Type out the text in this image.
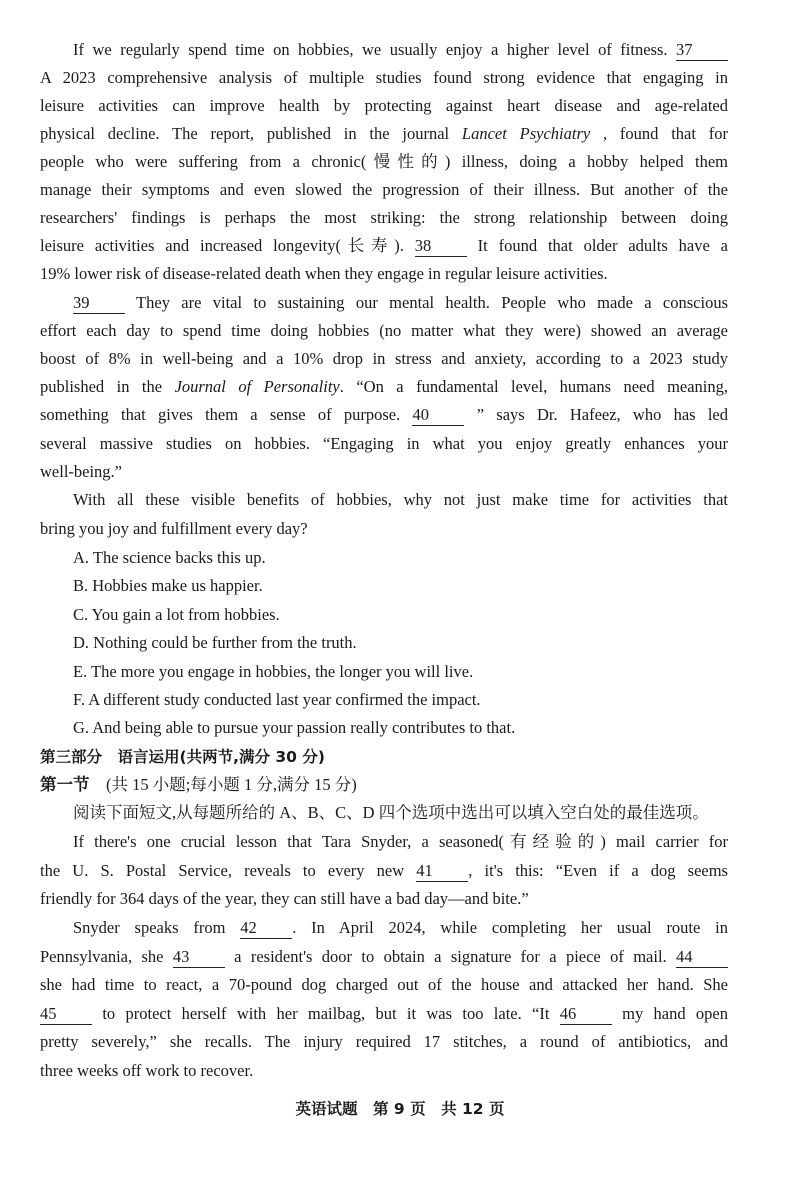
If we regularly spend time on hobbies, we usually enjoy a higher level of fitness. 37
A 2023 comprehensive analysis of multiple studies found strong evidence that engaging in
leisure activities can improve health by protecting against heart disease and age-related
physical decline. The report, published in the journal Lancet Psychiatry , found that for
people who were suffering from a chronic(慢性的) illness, doing a hobby helped them
manage their symptoms and even slowed the progression of their illness. But another of the
researchers' findings is perhaps the most striking: the strong relationship between doing
leisure activities and increased longevity(长寿). 38 It found that older adults have a
19% lower risk of disease-related death when they engage in regular leisure activities.
39 They are vital to sustaining our mental health. People who made a conscious
effort each day to spend time doing hobbies (no matter what they were) showed an average
boost of 8% in well-being and a 10% drop in stress and anxiety, according to a 2023 study
published in the Journal of Personality. “On a fundamental level, humans need meaning,
something that gives them a sense of purpose. 40 ” says Dr. Hafeez, who has led
several massive studies on hobbies. “Engaging in what you enjoy greatly enhances your
well-being.”
With all these visible benefits of hobbies, why not just make time for activities that
bring you joy and fulfillment every day?
A. The science backs this up.
B. Hobbies make us happier.
C. You gain a lot from hobbies.
D. Nothing could be further from the truth.
E. The more you engage in hobbies, the longer you will live.
F. A different study conducted last year confirmed the impact.
G. And being able to pursue your passion really contributes to that.
第三部分　语言运用(共两节,满分 30 分)
第一节　(共 15 小题;每小题 1 分,满分 15 分)
阅读下面短文,从每题所给的 A、B、C、D 四个选项中选出可以填入空白处的最佳选项。
If there's one crucial lesson that Tara Snyder, a seasoned(有经验的) mail carrier for
the U. S. Postal Service, reveals to every new 41 , it's this: “Even if a dog seems
friendly for 364 days of the year, they can still have a bad day—and bite.”
Snyder speaks from 42 . In April 2024, while completing her usual route in
Pennsylvania, she 43 a resident's door to obtain a signature for a piece of mail. 44
she had time to react, a 70-pound dog charged out of the house and attacked her hand. She
45 to protect herself with her mailbag, but it was too late. “It 46 my hand open
pretty severely,” she recalls. The injury required 17 stitches, a round of antibiotics, and
three weeks off work to recover.
英语试题　第 9 页　共 12 页
